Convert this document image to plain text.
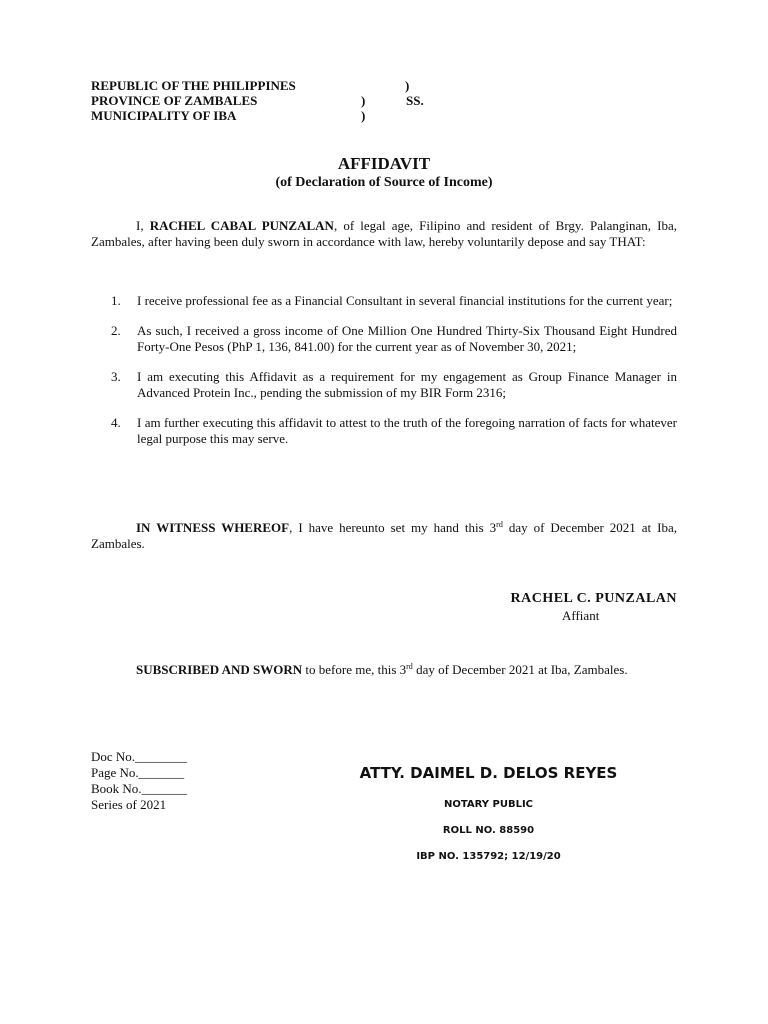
REPUBLIC OF THE PHILIPPINES	)
PROVINCE OF ZAMBALES	)	SS.
MUNICIPALITY OF IBA	)
AFFIDAVIT
(of Declaration of Source of Income)
I, RACHEL CABAL PUNZALAN, of legal age, Filipino and resident of Brgy. Palanginan, Iba, Zambales, after having been duly sworn in accordance with law, hereby voluntarily depose and say THAT:
1. I receive professional fee as a Financial Consultant in several financial institutions for the current year;
2. As such, I received a gross income of One Million One Hundred Thirty-Six Thousand Eight Hundred Forty-One Pesos (PhP 1, 136, 841.00) for the current year as of November 30, 2021;
3. I am executing this Affidavit as a requirement for my engagement as Group Finance Manager in Advanced Protein Inc., pending the submission of my BIR Form 2316;
4. I am further executing this affidavit to attest to the truth of the foregoing narration of facts for whatever legal purpose this may serve.
IN WITNESS WHEREOF, I have hereunto set my hand this 3rd day of December 2021 at Iba, Zambales.
RACHEL C. PUNZALAN
Affiant
SUBSCRIBED AND SWORN to before me, this 3rd day of December 2021 at Iba, Zambales.
Doc No.________
Page No._______
Book No._______
Series of 2021
ATTY. DAIMEL D. DELOS REYES
NOTARY PUBLIC
ROLL NO. 88590
IBP NO. 135792; 12/19/20
